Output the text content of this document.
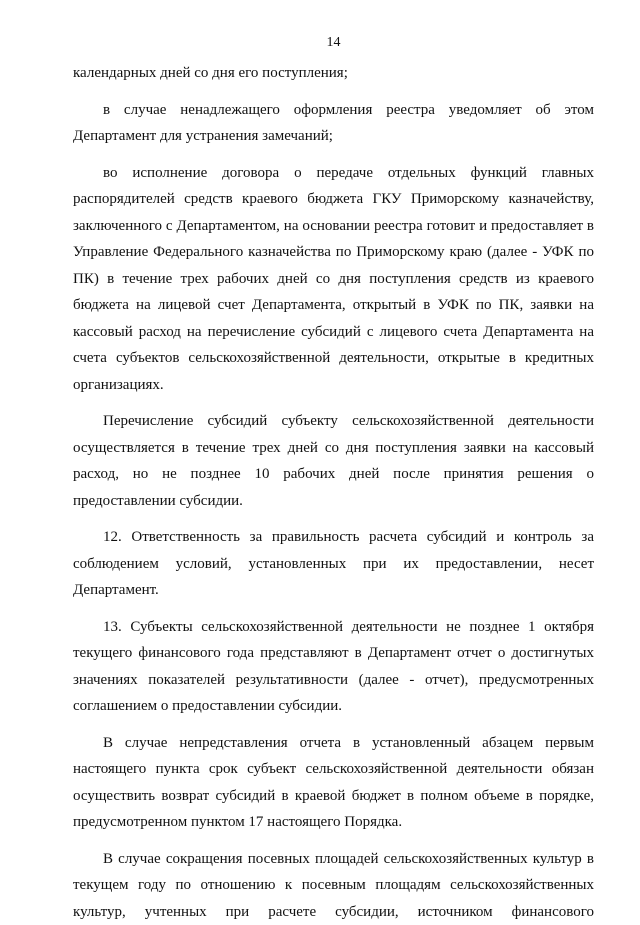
14

календарных дней со дня его поступления;

в случае ненадлежащего оформления реестра уведомляет об этом Департамент для устранения замечаний;

во исполнение договора о передаче отдельных функций главных распорядителей средств краевого бюджета ГКУ Приморскому казначейству, заключенного с Департаментом, на основании реестра готовит и предоставляет в Управление Федерального казначейства по Приморскому краю (далее - УФК по ПК) в течение трех рабочих дней со дня поступления средств из краевого бюджета на лицевой счет Департамента, открытый в УФК по ПК, заявки на кассовый расход на перечисление субсидий с лицевого счета Департамента на счета субъектов сельскохозяйственной деятельности, открытые в кредитных организациях.

Перечисление субсидий субъекту сельскохозяйственной деятельности осуществляется в течение трех дней со дня поступления заявки на кассовый расход, но не позднее 10 рабочих дней после принятия решения о предоставлении субсидии.

12. Ответственность за правильность расчета субсидий и контроль за соблюдением условий, установленных при их предоставлении, несет Департамент.

13. Субъекты сельскохозяйственной деятельности не позднее 1 октября текущего финансового года представляют в Департамент отчет о достигнутых значениях показателей результативности (далее - отчет), предусмотренных соглашением о предоставлении субсидии.

В случае непредставления отчета в установленный абзацем первым настоящего пункта срок субъект сельскохозяйственной деятельности обязан осуществить возврат субсидий в краевой бюджет в полном объеме в порядке, предусмотренном пунктом 17 настоящего Порядка.

В случае сокращения посевных площадей сельскохозяйственных культур в текущем году по отношению к посевным площадям сельскохозяйственных культур, учтенных при расчете субсидии, источником финансового
